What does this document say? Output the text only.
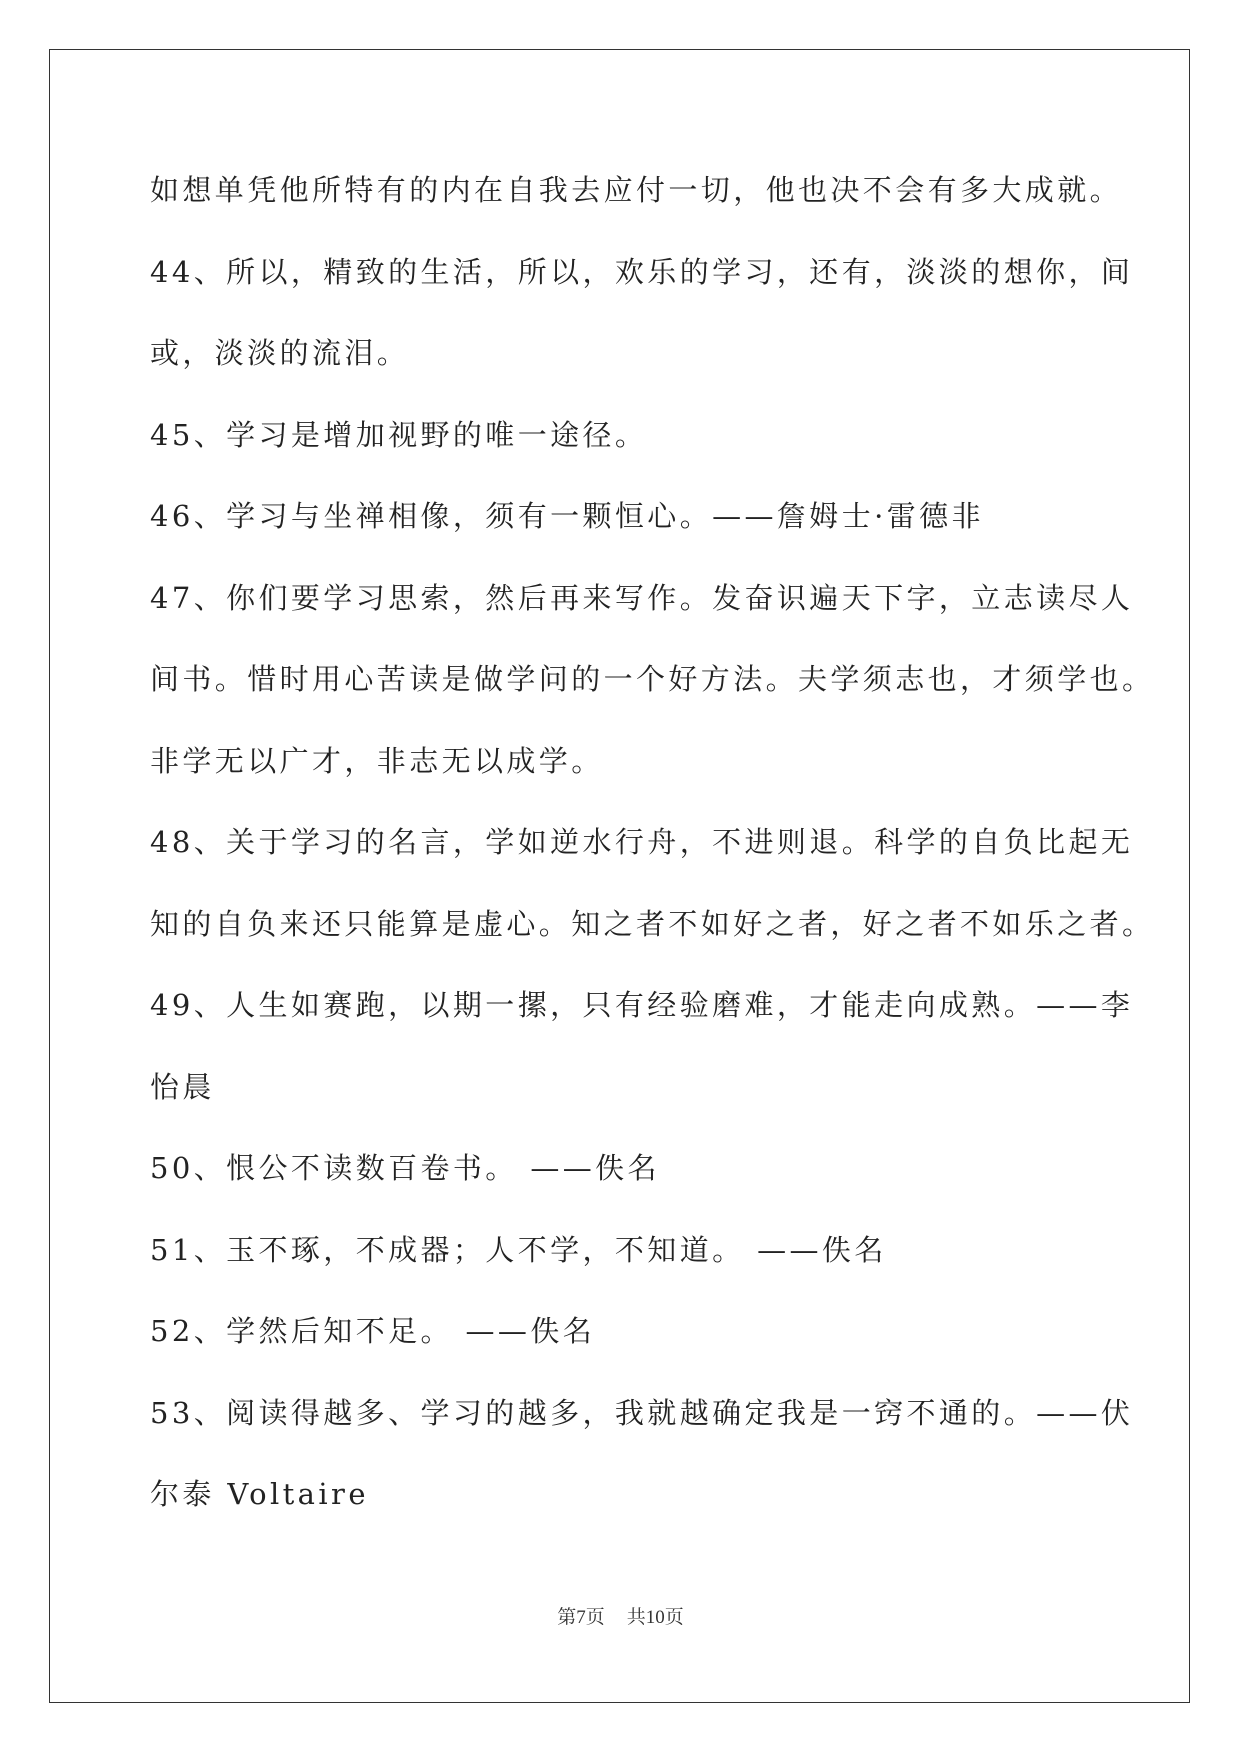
如想单凭他所特有的内在自我去应付一切，他也决不会有多大成就。
44、所以，精致的生活，所以，欢乐的学习，还有，淡淡的想你，间
或，淡淡的流泪。
45、学习是增加视野的唯一途径。
46、学习与坐禅相像，须有一颗恒心。——詹姆士·雷德非
47、你们要学习思索，然后再来写作。发奋识遍天下字，立志读尽人
间书。惜时用心苦读是做学问的一个好方法。夫学须志也，才须学也。
非学无以广才，非志无以成学。
48、关于学习的名言，学如逆水行舟，不进则退。科学的自负比起无
知的自负来还只能算是虚心。知之者不如好之者，好之者不如乐之者。
49、人生如赛跑，以期一摞，只有经验磨难，才能走向成熟。——李
怡晨
50、恨公不读数百卷书。 ——佚名
51、玉不琢，不成器；人不学，不知道。 ——佚名
52、学然后知不足。 ——佚名
53、阅读得越多、学习的越多，我就越确定我是一窍不通的。——伏
尔泰 Voltaire
第7页 共10页
